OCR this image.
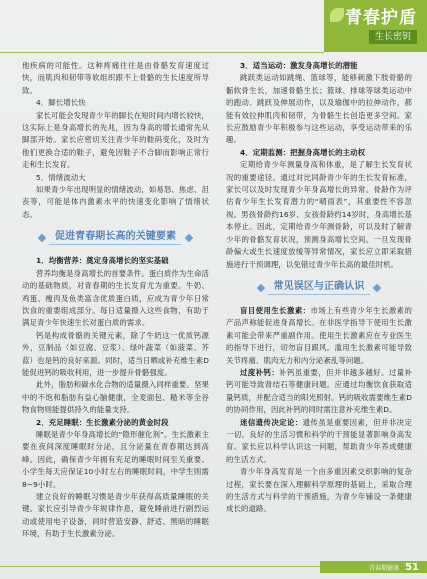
青春护盾
生长密钥

他疾病的可能性。这种疼痛往往是由骨骼发育速度过快，而肌肉和韧带等软组织跟不上骨骼的生长速度所导致。

4．脚长增长快

家长可能会发现青少年的脚长在短时间内增长较快，这实际上是身高增长的先兆，因为身高的增长通常先从脚部开始。家长应密切关注青少年的鞋码变化，及时为他们更换合适的鞋子，避免因鞋子不合脚而影响正常行走和生长发育。

5．情绪波动大

如果青少年出现明显的情绪波动，如易怒、焦虑、沮丧等，可能是体内激素水平的快速变化影响了情绪状态。

促进青春期长高的关键要素

1．均衡营养：奠定身高增长的坚实基础

营养均衡是身高增长的首要条件。蛋白质作为生命活动的基础物质，对青春期的生长发育尤为重要。牛奶、鸡蛋、瘦肉及鱼类富含优质蛋白质，应成为青少年日常饮食的重要组成部分。每日适量摄入这些食物，有助于满足青少年快速生长对蛋白质的需求。

钙是构成骨骼的关键元素，除了牛奶这一优质钙源外，豆制品（如豆腐、豆浆）、绿叶蔬菜（如菠菜、芥蓝）也是钙的良好来源。同时，适当日晒或补充维生素D能促进钙的吸收利用，进一步提升骨骼强度。

此外，脂肪和碳水化合物的适量摄入同样重要。坚果中的不饱和脂肪有益心脑健康，全麦面包、糙米等全谷物食物则能提供持久的能量支持。

2．充足睡眠：生长激素分泌的黄金时段

睡眠是青少年身高增长的“隐形催化剂”。生长激素主要在夜间深度睡眠时分泌，且分泌量在青春期达到高峰。因此，确保青少年拥有充足的睡眠时间至关重要。小学生每天应保证10小时左右的睡眠时间，中学生则需8~9小时。

建立良好的睡眠习惯是青少年获得高质量睡眠的关键。家长应引导青少年规律作息，避免睡前进行剧烈运动或使用电子设备，同时营造安静、舒适、黑暗的睡眠环境，有助于生长激素分泌。

3．适当运动：激发身高增长的潜能

跳跃类运动如跳绳、篮球等，能够刺激下肢骨骼的骺软骨生长，加速骨骼生长；篮球、排球等球类运动中的跑动、跳跃及伸展动作，以及瑜伽中的拉伸动作，都能有效拉伸肌肉和韧带，为骨骼生长创造更多空间。家长应鼓励青少年积极参与这些运动，享受运动带来的乐趣。

4．定期监测：把握身高增长的主动权

定期给青少年测量身高和体重，是了解生长发育状况的重要途径。通过对比同龄青少年的生长发育标准，家长可以及时发现青少年身高增长的异常。骨龄作为评估青少年生长发育潜力的“晴雨表”，其重要性不容忽视。男孩骨龄约16岁、女孩骨龄约14岁时，身高增长基本停止。因此，定期给青少年测骨龄，可以及时了解青少年的骨骼发育状况，预测身高增长空间。一旦发现骨龄偏大或生长速度放缓等异常情况，家长应立即采取措施进行干预调理，以免错过青少年长高的最佳时机。

常见误区与正确认识

盲目使用生长激素：市场上有些青少年生长激素的产品声称能促进身高增长。在非医学指导下使用生长激素可能会带来严重副作用。使用生长激素应在专业医生的指导下进行，切勿盲目跟风。滥用生长激素可能导致关节疼痛、肌肉无力和内分泌紊乱等问题。

过度补钙：补钙虽重要，但并非越多越好。过量补钙可能导致肾结石等健康问题。应通过均衡饮食获取适量钙质，并配合适当的阳光照射。钙的吸收需要维生素D的协同作用，因此补钙的同时需注意补充维生素D。

迷信遗传决定论：遗传虽是重要因素，但并非决定一切。良好的生活习惯和科学的干预能显著影响身高发育。家长应以科学认识这一问题，帮助青少年养成健康的生活方式。

青少年身高发育是一个由多重因素交织影响的复杂过程，家长要在深入理解科学原理的基础上，采取合理的生活方式与科学的干预措施，为青少年铺设一条健康成长的道路。

青春期健康 51
